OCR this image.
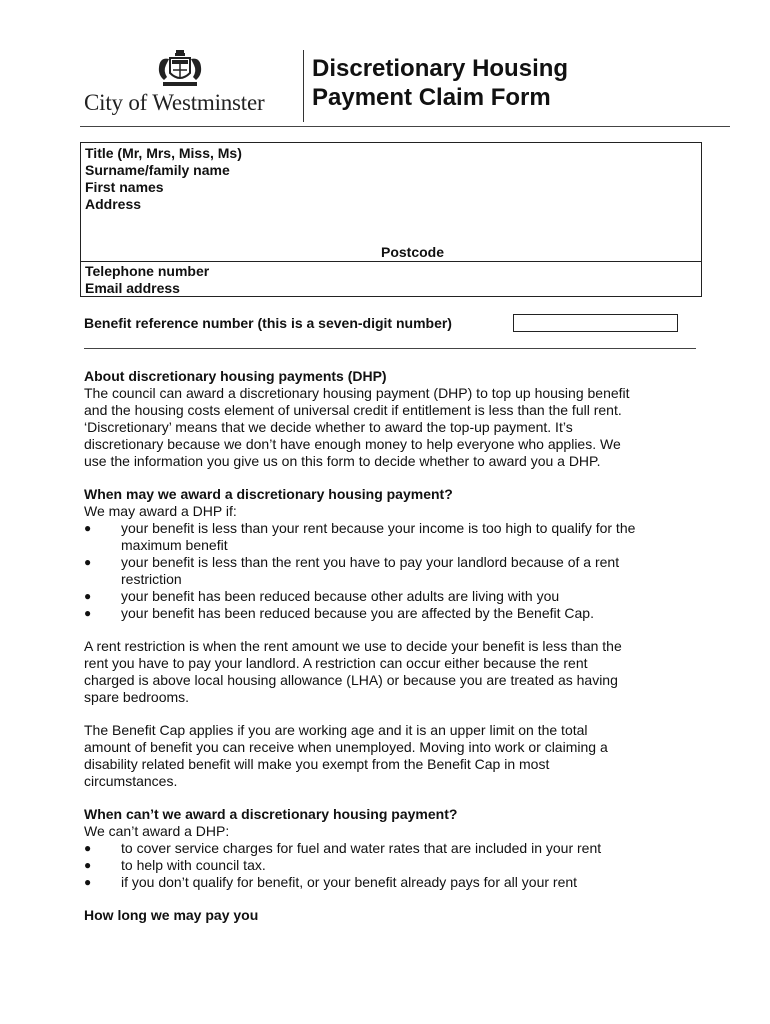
City of Westminster
Discretionary Housing
Payment Claim Form
Title (Mr, Mrs, Miss, Ms)
Surname/family name
First names
Address
Postcode
Telephone number
Email address
Benefit reference number (this is a seven-digit number)
About discretionary housing payments (DHP)

The council can award a discretionary housing payment (DHP) to top up housing benefit

and the housing costs element of universal credit if entitlement is less than the full rent.

‘Discretionary’ means that we decide whether to award the top-up payment. It’s

discretionary because we don’t have enough money to help everyone who applies. We

use the information you give us on this form to decide whether to award you a DHP.

When may we award a discretionary housing payment?

We may award a DHP if:

● your benefit is less than your rent because your income is too high to qualify for the
maximum benefit
● your benefit is less than the rent you have to pay your landlord because of a rent
restriction
● your benefit has been reduced because other adults are living with you
● your benefit has been reduced because you are affected by the Benefit Cap.

A rent restriction is when the rent amount we use to decide your benefit is less than the

rent you have to pay your landlord. A restriction can occur either because the rent

charged is above local housing allowance (LHA) or because you are treated as having

spare bedrooms.

The Benefit Cap applies if you are working age and it is an upper limit on the total

amount of benefit you can receive when unemployed. Moving into work or claiming a

disability related benefit will make you exempt from the Benefit Cap in most

circumstances.

When can’t we award a discretionary housing payment?

We can’t award a DHP:

● to cover service charges for fuel and water rates that are included in your rent
● to help with council tax.
● if you don’t qualify for benefit, or your benefit already pays for all your rent
How long we may pay you
